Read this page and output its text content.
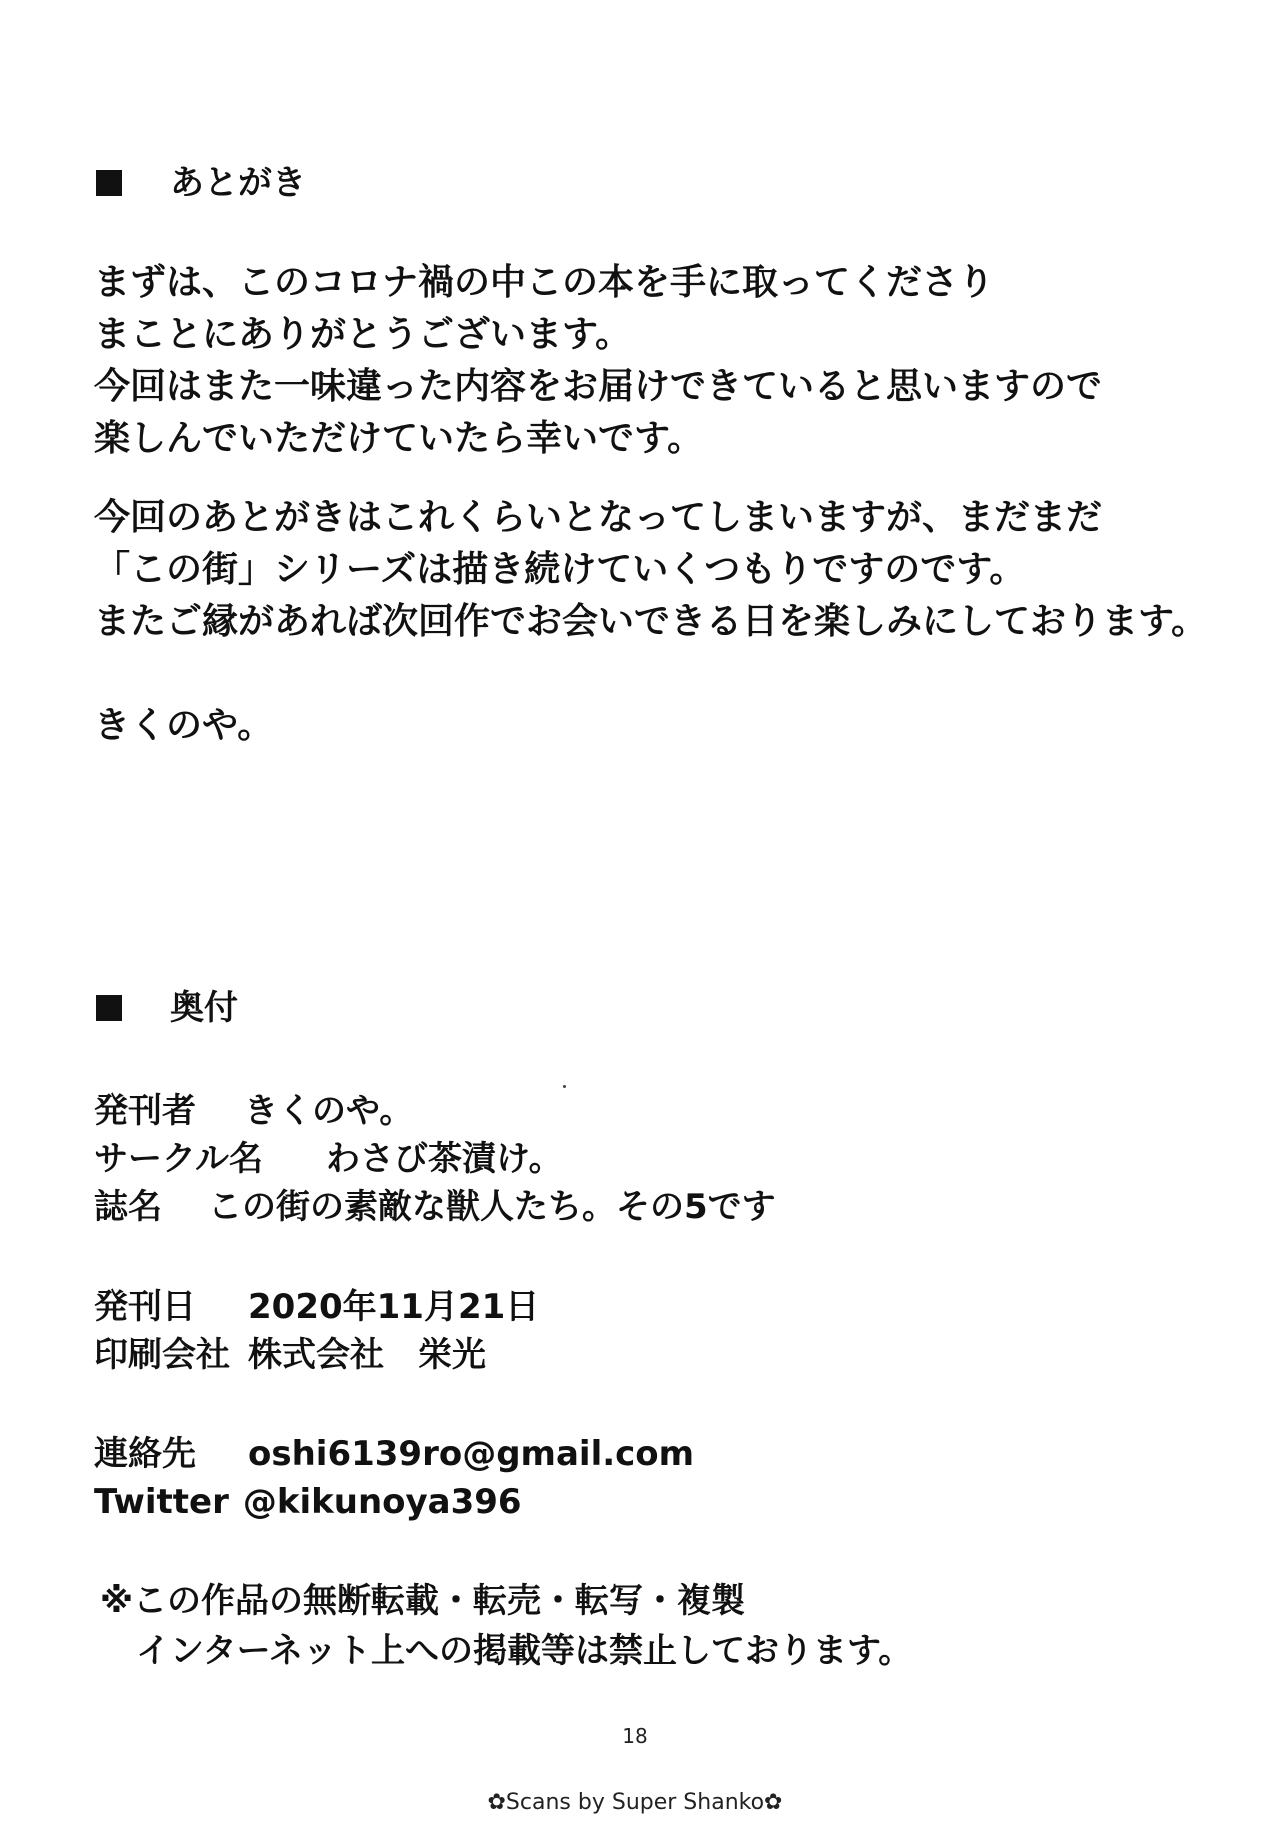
あとがき
まずは、このコロナ禍の中この本を手に取ってくださり
まことにありがとうございます。
今回はまた一味違った内容をお届けできていると思いますので
楽しんでいただけていたら幸いです。
今回のあとがきはこれくらいとなってしまいますが、まだまだ
「この街」シリーズは描き続けていくつもりですのです。
またご縁があれば次回作でお会いできる日を楽しみにしております。
きくのや。
奥付
発刊者	きくのや。
サークル名	わさび茶漬け。
誌名	この街の素敵な獣人たち。その5です
発刊日	2020年11月21日
印刷会社 株式会社　栄光
連絡先	oshi6139ro@gmail.com
Twitter @kikunoya396
※この作品の無断転載・転売・転写・複製
インターネット上への掲載等は禁止しております。
18
✿Scans by Super Shanko✿
